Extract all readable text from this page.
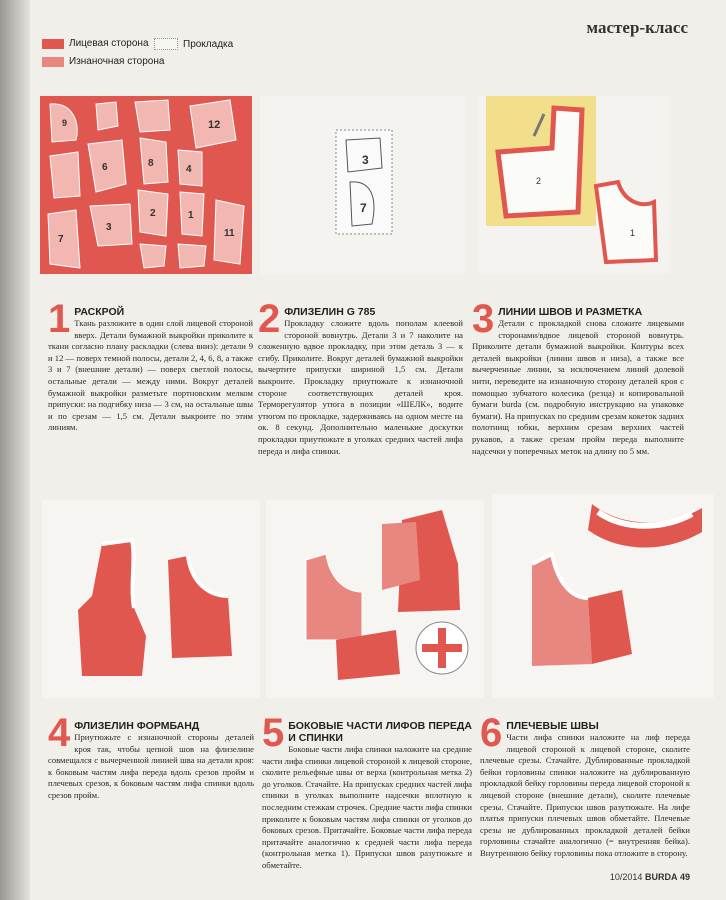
мастер-класс
Лицевая сторона
Изнаночная сторона
Прокладка
9	12
6	8
4
2
7
1
11
3
3
7
2
1
1 РАСКРОЙ
Ткань разложите в один слой лицевой стороной вверх. Детали бумажной выкройки приколите к ткани согласно плану раскладки (слева вниз): детали 9 и 12 — поверх темной полосы, детали 2, 4, 6, 8, а также 3 и 7 (внешние детали) — поверх светлой полосы, остальные детали — между ними. Вокруг деталей бумажной выкройки разметьте портновским мелком припуски: на подгибку низа — 3 см, на остальные швы и по срезам — 1,5 см. Детали выкроите по этим линиям.
2 ФЛИЗЕЛИН G 785
Прокладку сложите вдоль пополам клеевой стороной вовнутрь. Детали 3 и 7 наколите на сложенную вдвое прокладку, при этом деталь 3 — к сгибу. Приколите. Вокруг деталей бумажной выкройки вычертите припуски шириной 1,5 см. Детали выкроите. Прокладку приутюжьте к изнаночной стороне соответствующих деталей кроя. Терморегулятор утюга в позиции «ШЕЛК», водите утюгом по прокладке, задерживаясь на одном месте на ок. 8 секунд. Дополнительно маленькие доскутки прокладки приутюжьте в уголках средних частей лифа переда и лифа спинки.
3 ЛИНИИ ШВОВ И РАЗМЕТКА
Детали с прокладкой снова сложите лицевыми сторонами/вдвое лицевой стороной вовнутрь. Приколите детали бумажной выкройки. Контуры всех деталей выкройки (линии швов и низа), а также все вычерченные линии, за исключением линий долевой нити, переведите на изнаночную сторону деталей кроя с помощью зубчатого колесика (резца) и копировальной бумаги burda (см. подробную инструкцию на упаковке бумаги). На припусках по средним срезам кокеток задних полотнищ юбки, верхним срезам верхних частей рукавов, а также срезам пройм переда выполните надсечки у поперечных меток на длину по 5 мм.
4 ФЛИЗЕЛИН ФОРМБАНД
Приутюжьте с изнаночной стороны деталей кроя так, чтобы цепной шов на флизелине совмещался с вычерченной линией шва на детали кроя: к боковым частям лифа переда вдоль срезов пройм и плечевых срезов, к боковым частям лифа спинки вдоль срезов пройм.
5 БОКОВЫЕ ЧАСТИ ЛИФОВ ПЕРЕДА И СПИНКИ
Боковые части лифа спинки наложите на средние части лифа спинки лицевой стороной к лицевой стороне, сколите рельефные швы от верха (контрольная метка 2) до уголков. Стачайте. На припусках средних частей лифа спинки в уголках выполните надсечки вплотную к последним стежкам строчек. Средние части лифа спинки приколите к боковым частям лифа спинки от уголков до боковых срезов. Притачайте. Боковые части лифа переда притачайте аналогично к средней части лифа переда (контрольная метка 1). Припуски швов разутюжьте и обметайте.
6 ПЛЕЧЕВЫЕ ШВЫ
Части лифа спинки наложите на лиф переда лицевой стороной к лицевой стороне, сколите плечевые срезы. Стачайте. Дублированные прокладкой бейки горловины спинки наложите на дублированную прокладкой бейку горловины переда лицевой стороной к лицевой стороне (внешние детали), сколите плечевые срезы. Стачайте. Припуски швов разутюжьте. На лифе платья припуски плечевых швов обметайте. Плечевые срезы не дублированных прокладкой деталей бейки горловины стачайте аналогично (= внутренняя бейка). Внутреннюю бейку горловины пока отложите в сторону.
10/2014 BURDA 49
